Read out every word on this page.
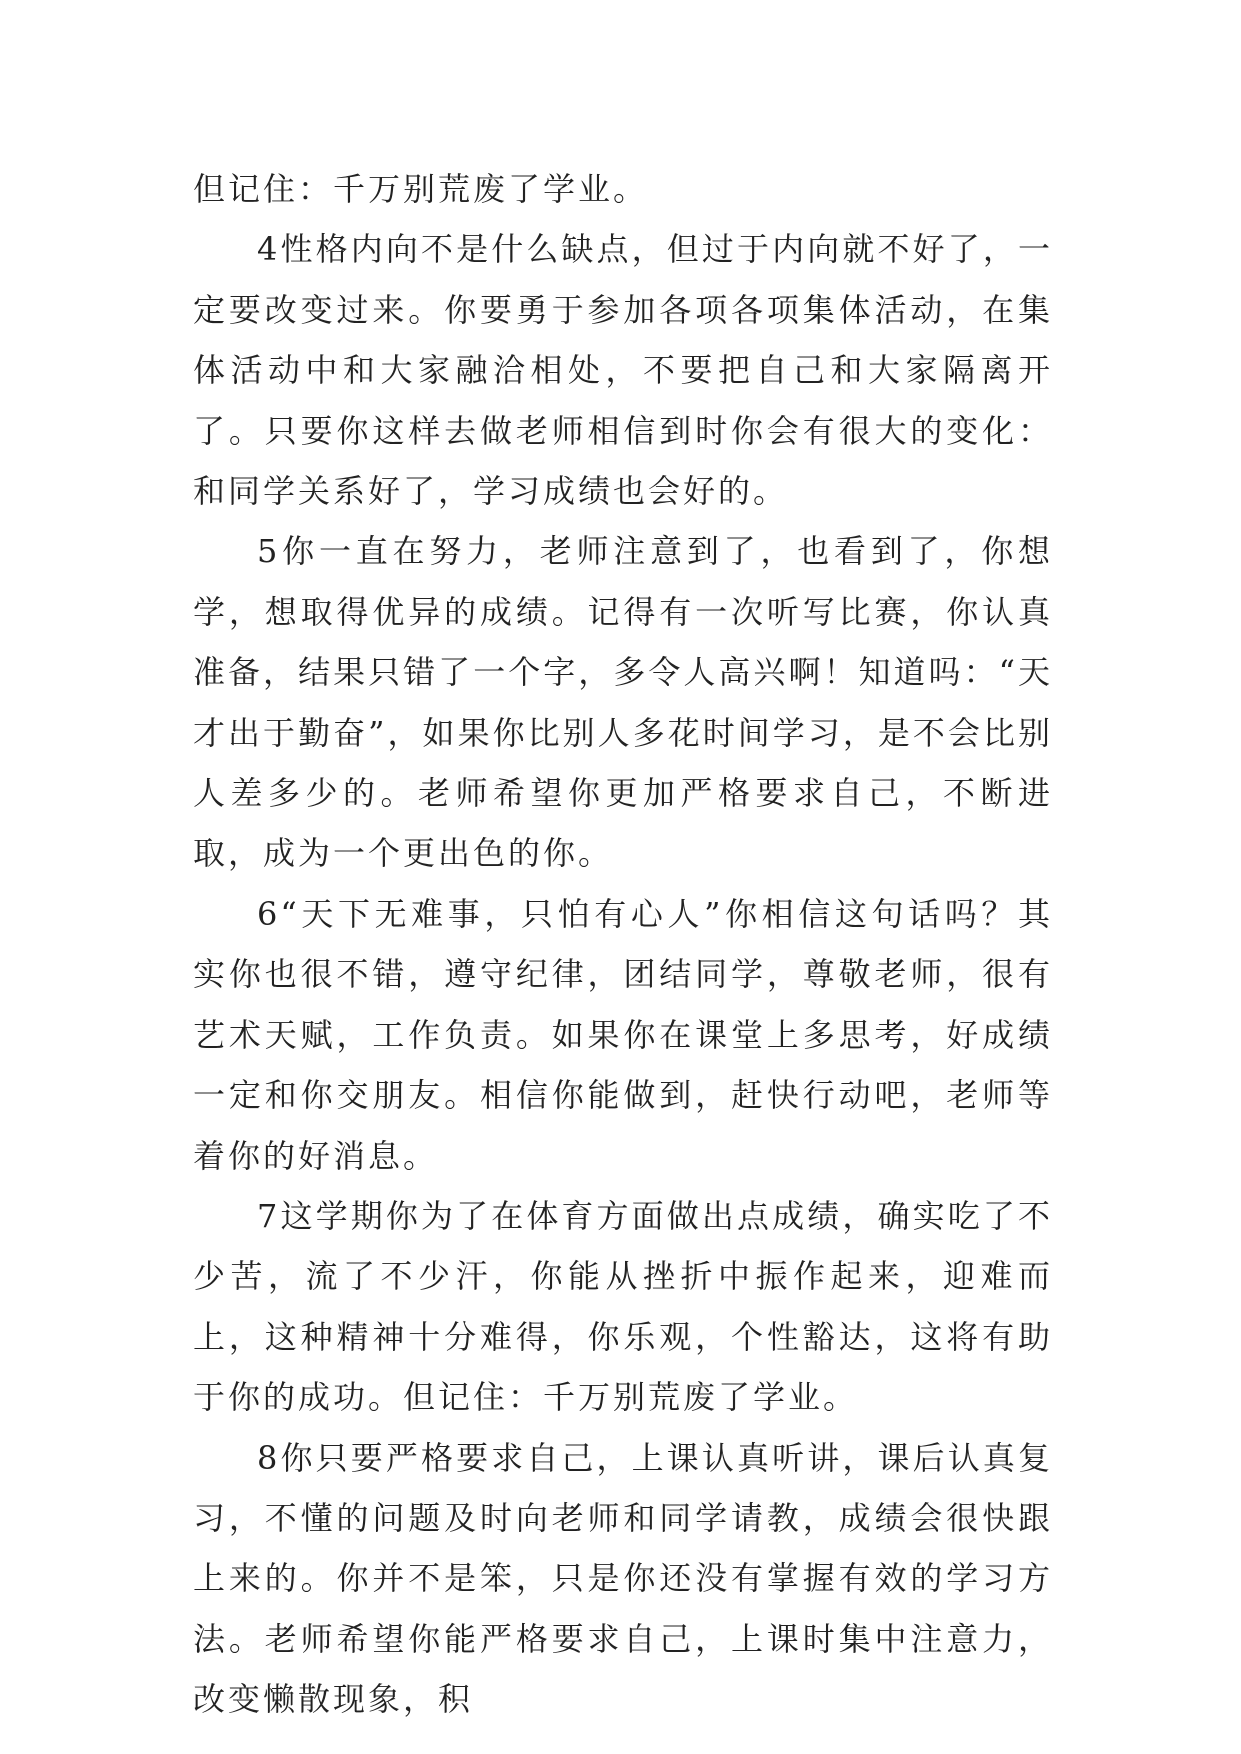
但记住：千万别荒废了学业。

4性格内向不是什么缺点，但过于内向就不好了，一定要改变过来。你要勇于参加各项各项集体活动，在集体活动中和大家融洽相处，不要把自己和大家隔离开了。只要你这样去做老师相信到时你会有很大的变化：和同学关系好了，学习成绩也会好的。

5你一直在努力，老师注意到了，也看到了，你想学，想取得优异的成绩。记得有一次听写比赛，你认真准备，结果只错了一个字，多令人高兴啊！知道吗：“天才出于勤奋”，如果你比别人多花时间学习，是不会比别人差多少的。老师希望你更加严格要求自己，不断进取，成为一个更出色的你。

6“天下无难事，只怕有心人”你相信这句话吗？其实你也很不错，遵守纪律，团结同学，尊敬老师，很有艺术天赋，工作负责。如果你在课堂上多思考，好成绩一定和你交朋友。相信你能做到，赶快行动吧，老师等着你的好消息。

7这学期你为了在体育方面做出点成绩，确实吃了不少苦，流了不少汗，你能从挫折中振作起来，迎难而上，这种精神十分难得，你乐观，个性豁达，这将有助于你的成功。但记住：千万别荒废了学业。

8你只要严格要求自己，上课认真听讲，课后认真复习，不懂的问题及时向老师和同学请教，成绩会很快跟上来的。你并不是笨，只是你还没有掌握有效的学习方法。老师希望你能严格要求自己，上课时集中注意力，改变懒散现象，积
